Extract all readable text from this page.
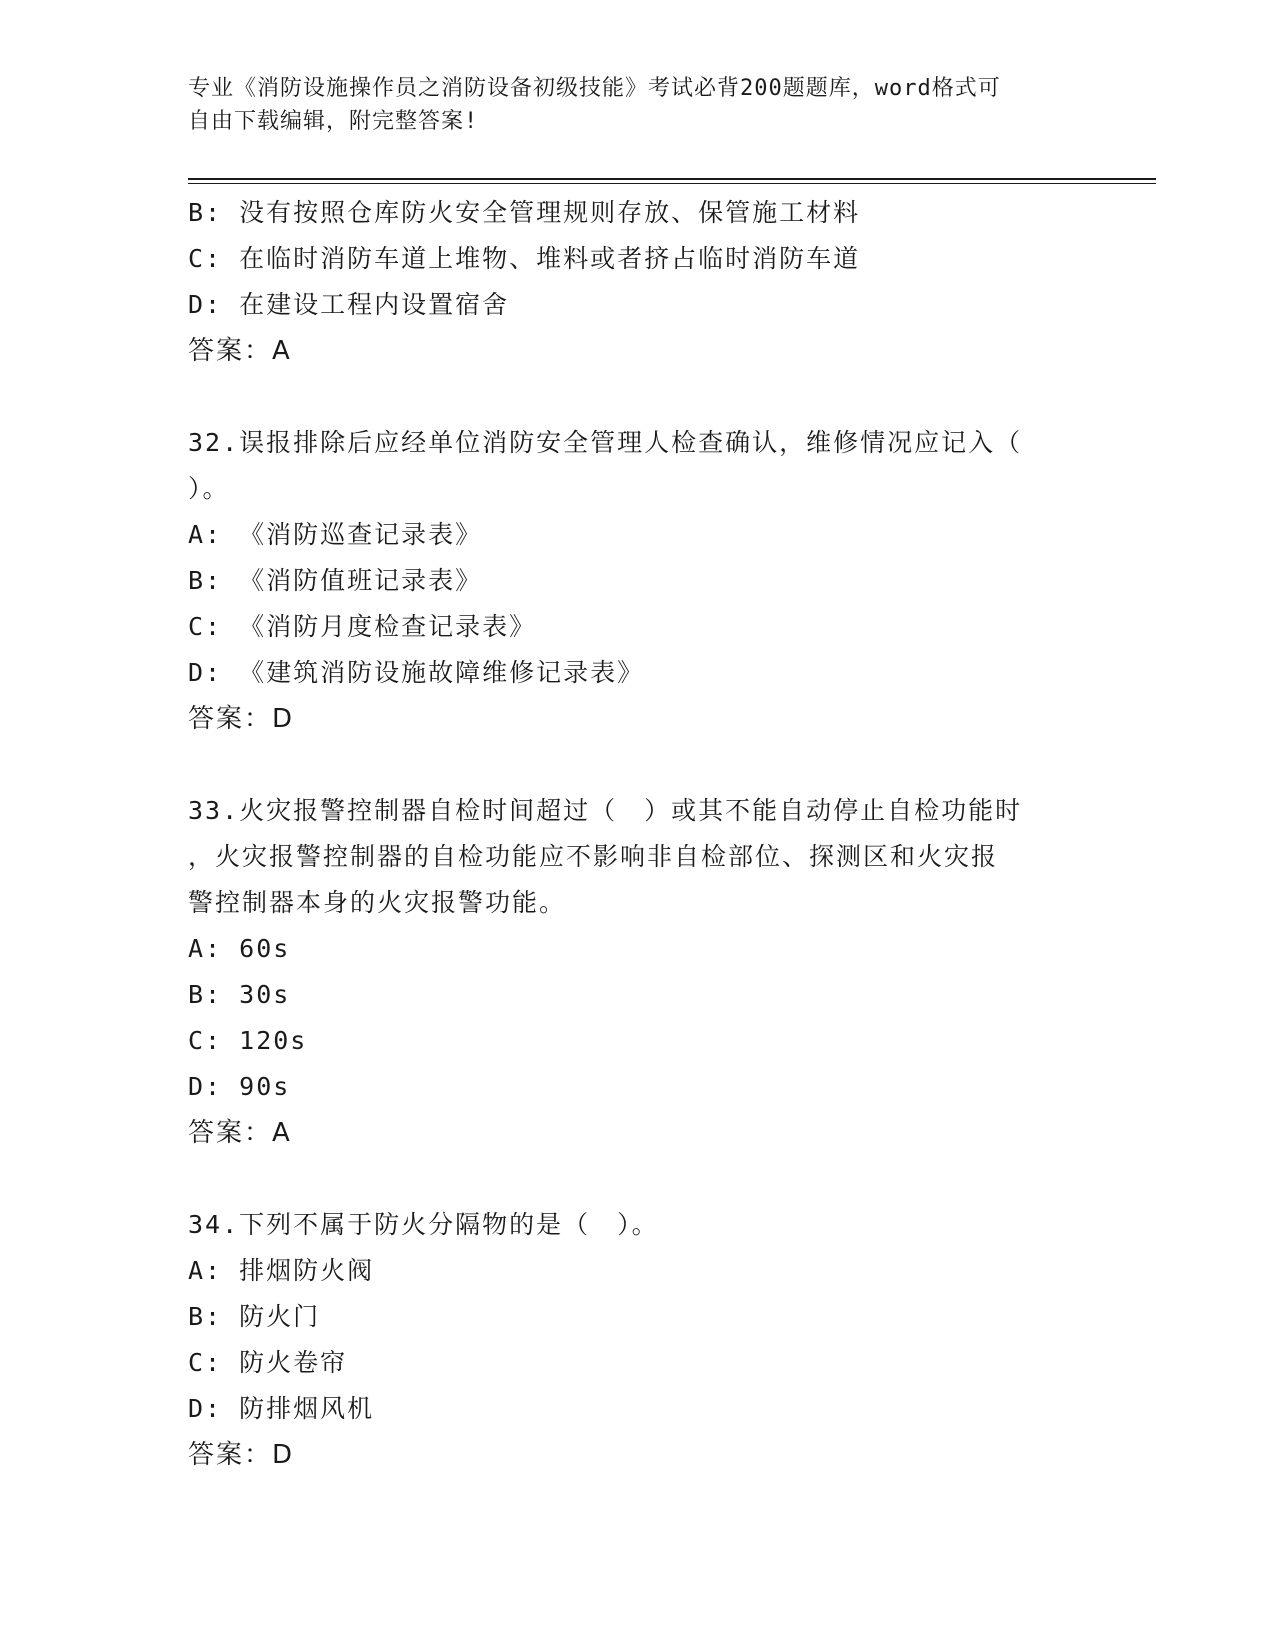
专业《消防设施操作员之消防设备初级技能》考试必背200题题库，word格式可
自由下载编辑，附完整答案!
B: 没有按照仓库防火安全管理规则存放、保管施工材料
C: 在临时消防车道上堆物、堆料或者挤占临时消防车道
D: 在建设工程内设置宿舍
答案：A
32.误报排除后应经单位消防安全管理人检查确认，维修情况应记入（
）。
A: 《消防巡查记录表》
B: 《消防值班记录表》
C: 《消防月度检查记录表》
D: 《建筑消防设施故障维修记录表》
答案：D
33.火灾报警控制器自检时间超过（　）或其不能自动停止自检功能时
，火灾报警控制器的自检功能应不影响非自检部位、探测区和火灾报
警控制器本身的火灾报警功能。
A: 60s
B: 30s
C: 120s
D: 90s
答案：A
34.下列不属于防火分隔物的是（　）。
A: 排烟防火阀
B: 防火门
C: 防火卷帘
D: 防排烟风机
答案：D
